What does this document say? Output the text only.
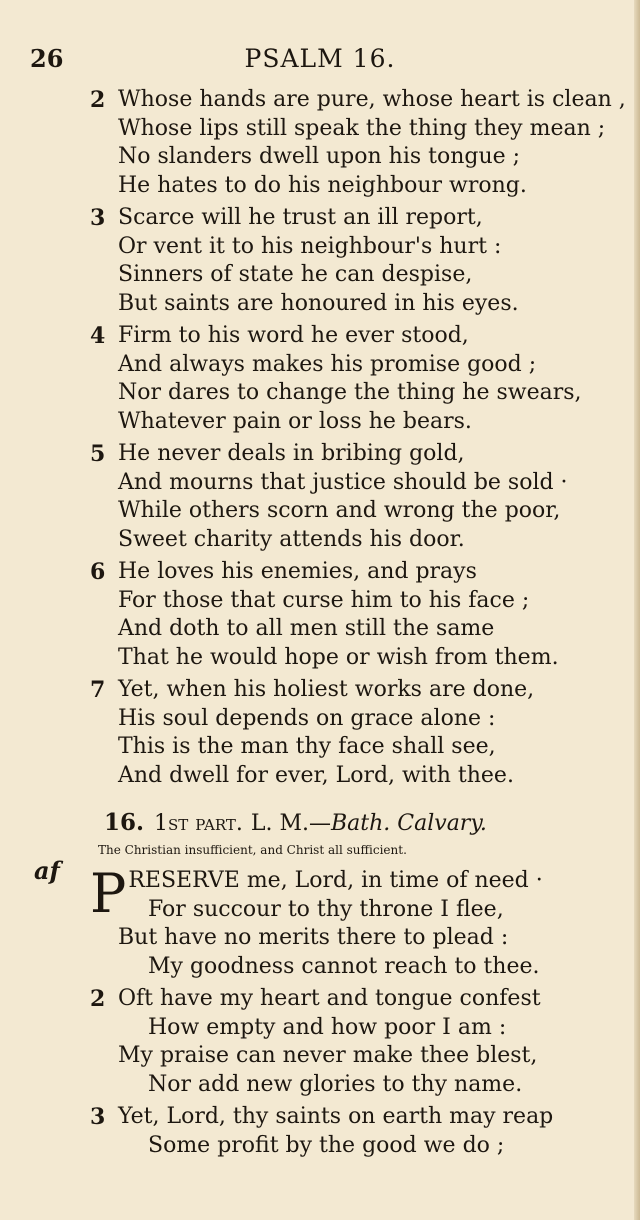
26	PSALM 16.
2 Whose hands are pure, whose heart is clean ,
Whose lips still speak the thing they mean ;
No slanders dwell upon his tongue ;
He hates to do his neighbour wrong.
3 Scarce will he trust an ill report,
Or vent it to his neighbour's hurt :
Sinners of state he can despise,
But saints are honoured in his eyes.
4 Firm to his word he ever stood,
And always makes his promise good ;
Nor dares to change the thing he swears,
Whatever pain or loss he bears.
5 He never deals in bribing gold,
And mourns that justice should be sold ·
While others scorn and wrong the poor,
Sweet charity attends his door.
6 He loves his enemies, and prays
For those that curse him to his face ;
And doth to all men still the same
That he would hope or wish from them.
7 Yet, when his holiest works are done,
His soul depends on grace alone :
This is the man thy face shall see,
And dwell for ever, Lord, with thee.
16. 1st part. L. M.—Bath. Calvary.
The Christian insufficient, and Christ all sufficient.
PRESERVE me, Lord, in time of need ·
For succour to thy throne I flee,
But have no merits there to plead :
My goodness cannot reach to thee.
2 Oft have my heart and tongue confest
How empty and how poor I am :
My praise can never make thee blest,
Nor add new glories to thy name.
3 Yet, Lord, thy saints on earth may reap
Some profit by the good we do ;
af
